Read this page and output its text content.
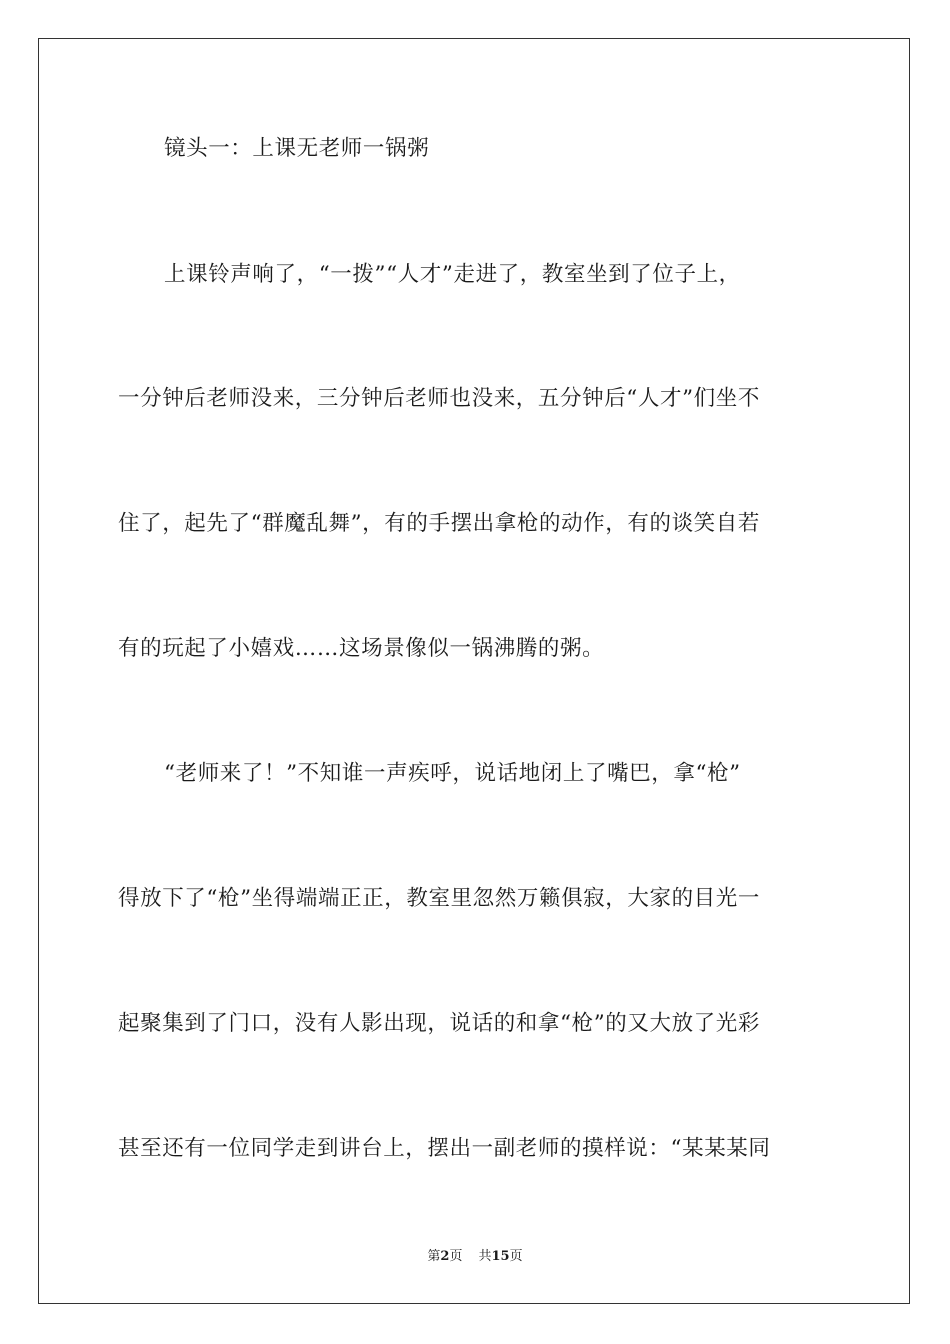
镜头一：上课无老师一锅粥
上课铃声响了，“一拨”“人才”走进了，教室坐到了位子上，
一分钟后老师没来，三分钟后老师也没来，五分钟后“人才”们坐不
住了，起先了“群魔乱舞”，有的手摆出拿枪的动作，有的谈笑自若
有的玩起了小嬉戏……这场景像似一锅沸腾的粥。
“老师来了！”不知谁一声疾呼，说话地闭上了嘴巴，拿“枪”
得放下了“枪”坐得端端正正，教室里忽然万籁俱寂，大家的目光一
起聚集到了门口，没有人影出现，说话的和拿“枪”的又大放了光彩
甚至还有一位同学走到讲台上，摆出一副老师的摸样说：“某某某同
第2页 共15页
